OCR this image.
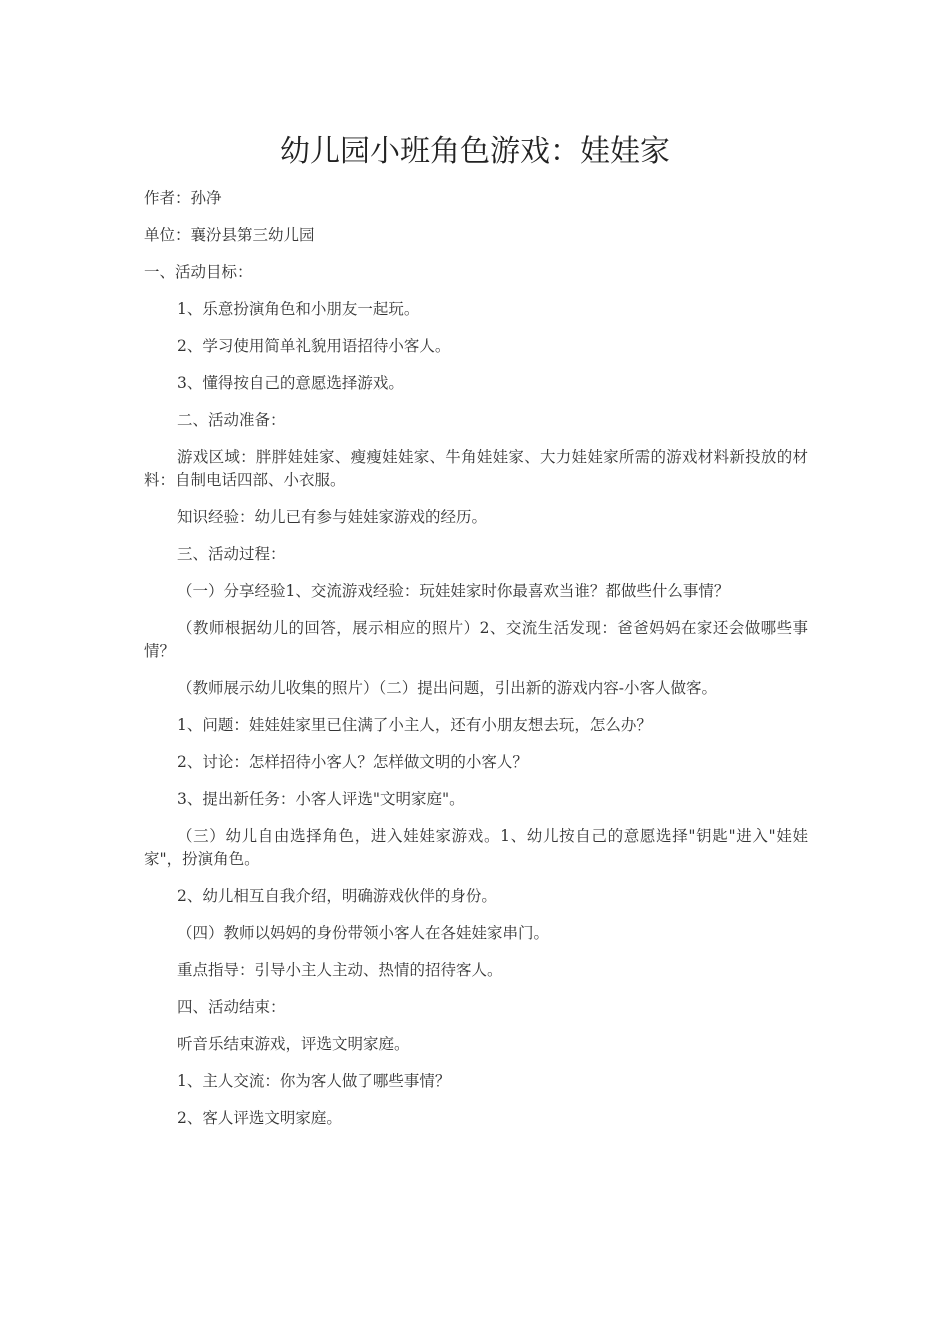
幼儿园小班角色游戏：娃娃家

作者：孙净

单位：襄汾县第三幼儿园

一、活动目标：

1、乐意扮演角色和小朋友一起玩。

2、学习使用简单礼貌用语招待小客人。

3、懂得按自己的意愿选择游戏。

二、活动准备：

游戏区域：胖胖娃娃家、瘦瘦娃娃家、牛角娃娃家、大力娃娃家所需的游戏材料新投放的材料：自制电话四部、小衣服。

知识经验：幼儿已有参与娃娃家游戏的经历。

三、活动过程：

（一）分享经验1、交流游戏经验：玩娃娃家时你最喜欢当谁？都做些什么事情？

（教师根据幼儿的回答，展示相应的照片）2、交流生活发现：爸爸妈妈在家还会做哪些事情？

（教师展示幼儿收集的照片）（二）提出问题，引出新的游戏内容-小客人做客。

1、问题：娃娃娃家里已住满了小主人，还有小朋友想去玩，怎么办？

2、讨论：怎样招待小客人？怎样做文明的小客人？

3、提出新任务：小客人评选"文明家庭"。

（三）幼儿自由选择角色，进入娃娃家游戏。1、幼儿按自己的意愿选择"钥匙"进入"娃娃家"，扮演角色。

2、幼儿相互自我介绍，明确游戏伙伴的身份。

（四）教师以妈妈的身份带领小客人在各娃娃家串门。

重点指导：引导小主人主动、热情的招待客人。

四、活动结束：

听音乐结束游戏，评选文明家庭。

1、主人交流：你为客人做了哪些事情？

2、客人评选文明家庭。
